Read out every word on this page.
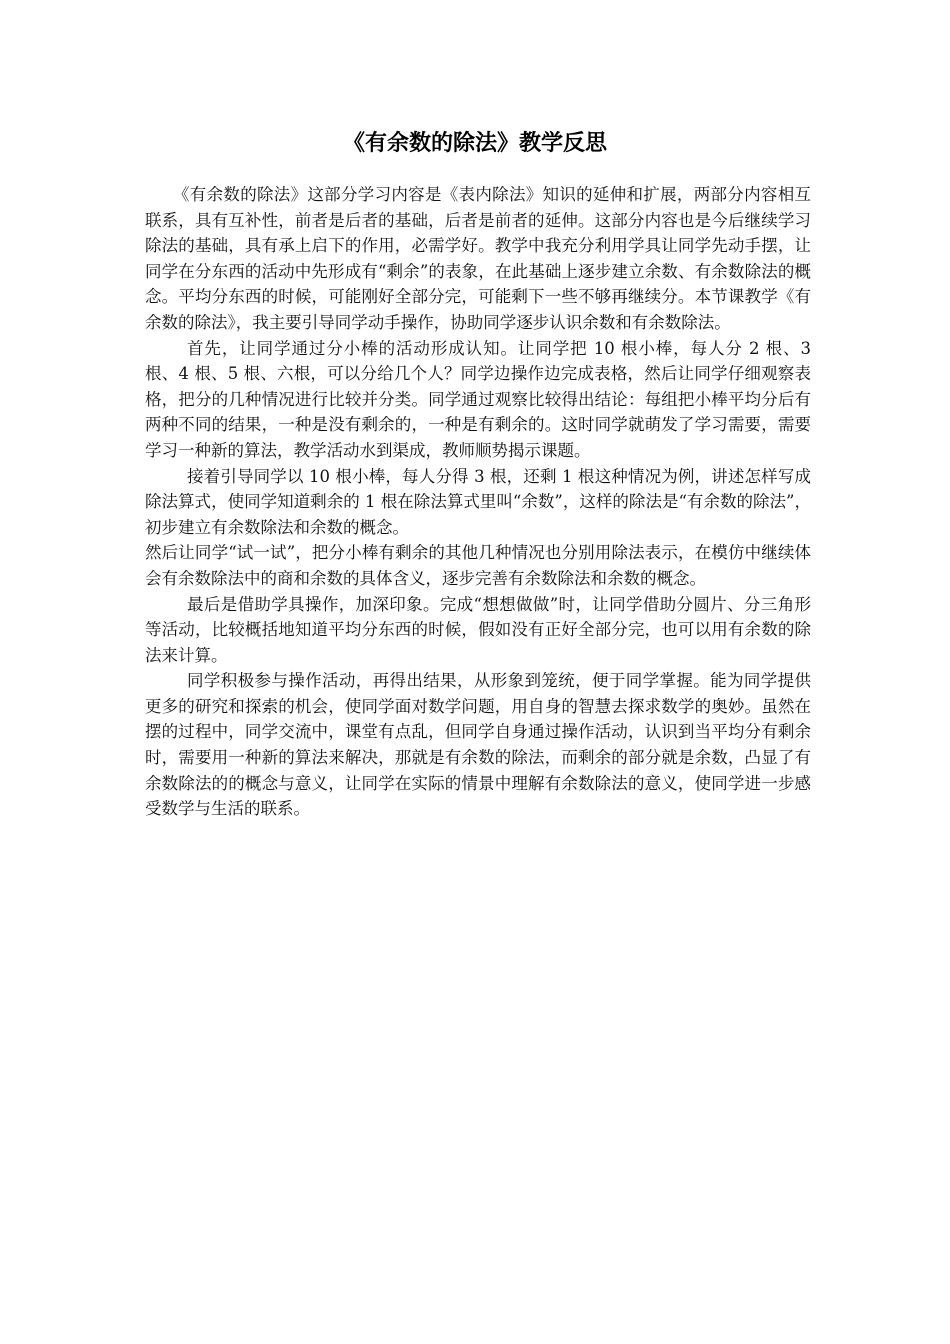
《有余数的除法》教学反思

《有余数的除法》这部分学习内容是《表内除法》知识的延伸和扩展，两部分内容相互联系，具有互补性，前者是后者的基础，后者是前者的延伸。这部分内容也是今后继续学习除法的基础，具有承上启下的作用，必需学好。教学中我充分利用学具让同学先动手摆，让同学在分东西的活动中先形成有“剩余”的表象，在此基础上逐步建立余数、有余数除法的概念。平均分东西的时候，可能刚好全部分完，可能剩下一些不够再继续分。本节课教学《有余数的除法》，我主要引导同学动手操作，协助同学逐步认识余数和有余数除法。

首先，让同学通过分小棒的活动形成认知。让同学把 10 根小棒，每人分 2 根、3 根、4 根、5 根、六根，可以分给几个人？同学边操作边完成表格，然后让同学仔细观察表格，把分的几种情况进行比较并分类。同学通过观察比较得出结论：每组把小棒平均分后有两种不同的结果，一种是没有剩余的，一种是有剩余的。这时同学就萌发了学习需要，需要学习一种新的算法，教学活动水到渠成，教师顺势揭示课题。

接着引导同学以 10 根小棒，每人分得 3 根，还剩 1 根这种情况为例，讲述怎样写成除法算式，使同学知道剩余的 1 根在除法算式里叫“余数”，这样的除法是“有余数的除法”，初步建立有余数除法和余数的概念。

然后让同学“试一试”，把分小棒有剩余的其他几种情况也分别用除法表示，在模仿中继续体会有余数除法中的商和余数的具体含义，逐步完善有余数除法和余数的概念。

最后是借助学具操作，加深印象。完成“想想做做”时，让同学借助分圆片、分三角形等活动，比较概括地知道平均分东西的时候，假如没有正好全部分完，也可以用有余数的除法来计算。

同学积极参与操作活动，再得出结果，从形象到笼统，便于同学掌握。能为同学提供更多的研究和探索的机会，使同学面对数学问题，用自身的智慧去探求数学的奥妙。虽然在摆的过程中，同学交流中，课堂有点乱，但同学自身通过操作活动，认识到当平均分有剩余时，需要用一种新的算法来解决，那就是有余数的除法，而剩余的部分就是余数，凸显了有余数除法的的概念与意义，让同学在实际的情景中理解有余数除法的意义，使同学进一步感受数学与生活的联系。
